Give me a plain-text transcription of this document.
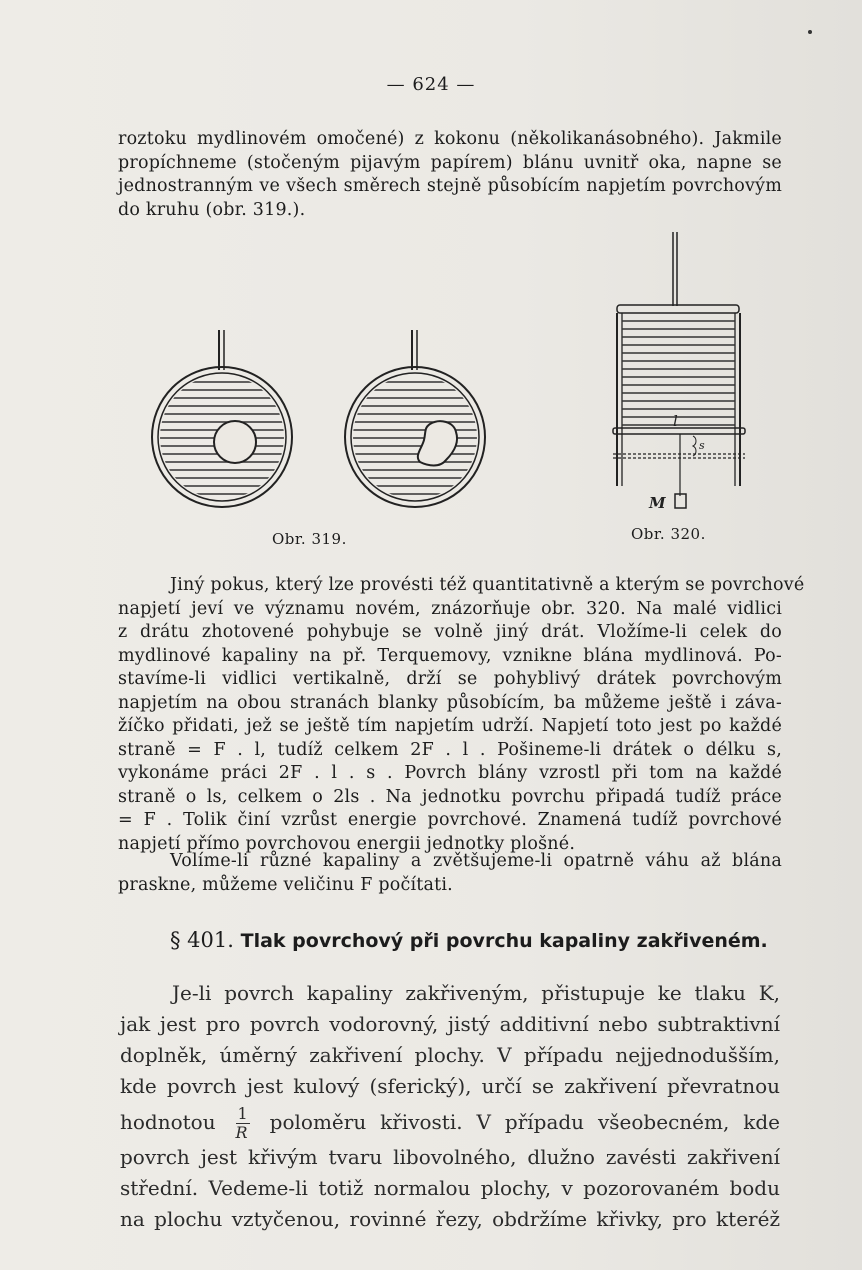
— 624 —
roztoku mydlinovém omočené) z kokonu (několikanásobného). Jakmile
propíchneme (stočeným pijavým papírem) blánu uvnitř oka, napne se
jednostranným ve všech směrech stejně působícím napjetím povrchovým
do kruhu (obr. 319.).
l
s
M
Obr. 319.	Obr. 320.
Jiný pokus, který lze provésti též quantitativně a kterým se povrchové
napjetí jeví ve významu novém, znázorňuje obr. 320. Na malé vidlici
z drátu zhotovené pohybuje se volně jiný drát. Vložíme-li celek do
mydlinové kapaliny na př. Terquemovy, vznikne blána mydlinová. Po-
stavíme-li vidlici vertikalně, drží se pohyblivý drátek povrchovým
napjetím na obou stranách blanky působícím, ba můžeme ještě i záva-
žíčko přidati, jež se ještě tím napjetím udrží. Napjetí toto jest po každé
straně = F . l, tudíž celkem 2F . l . Pošineme-li drátek o délku s,
vykonáme práci 2F . l . s . Povrch blány vzrostl při tom na každé
straně o ls, celkem o 2ls . Na jednotku povrchu připadá tudíž práce
= F . Tolik činí vzrůst energie povrchové. Znamená tudíž povrchové
napjetí přímo povrchovou energii jednotky plošné.
Volíme-li různé kapaliny a zvětšujeme-li opatrně váhu až blána
praskne, můžeme veličinu F počítati.
§ 401. Tlak povrchový při povrchu kapaliny zakřiveném.
Je-li povrch kapaliny zakřiveným, přistupuje ke tlaku K,
jak jest pro povrch vodorovný, jistý additivní nebo subtraktivní
doplněk, úměrný zakřivení plochy. V případu nejjednodušším,
kde povrch jest kulový (sferický), určí se zakřivení převratnou
hodnotou $\frac{1}{R}$ poloměru křivosti. V případu všeobecném, kde
povrch jest křivým tvaru libovolného, dlužno zavésti zakřivení
střední. Vedeme-li totiž normalou plochy, v pozorovaném bodu
na plochu vztyčenou, rovinné řezy, obdržíme křivky, pro kteréž
